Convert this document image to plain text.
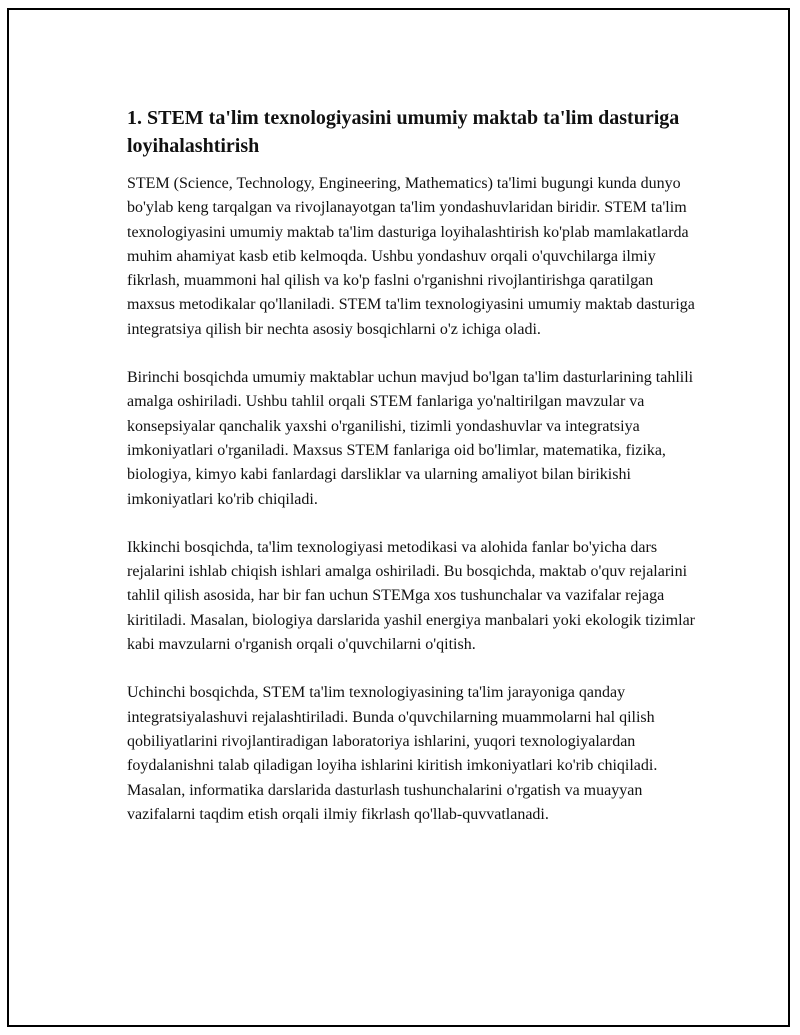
1. STEM ta'lim texnologiyasini umumiy maktab ta'lim dasturiga loyihalashtirish

STEM (Science, Technology, Engineering, Mathematics) ta'limi bugungi kunda dunyo bo'ylab keng tarqalgan va rivojlanayotgan ta'lim yondashuvlaridan biridir. STEM ta'lim texnologiyasini umumiy maktab ta'lim dasturiga loyihalashtirish ko'plab mamlakatlarda muhim ahamiyat kasb etib kelmoqda. Ushbu yondashuv orqali o'quvchilarga ilmiy fikrlash, muammoni hal qilish va ko'p faslni o'rganishni rivojlantirishga qaratilgan maxsus metodikalar qo'llaniladi. STEM ta'lim texnologiyasini umumiy maktab dasturiga integratsiya qilish bir nechta asosiy bosqichlarni o'z ichiga oladi.

Birinchi bosqichda umumiy maktablar uchun mavjud bo'lgan ta'lim dasturlarining tahlili amalga oshiriladi. Ushbu tahlil orqali STEM fanlariga yo'naltirilgan mavzular va konsepsiyalar qanchalik yaxshi o'rganilishi, tizimli yondashuvlar va integratsiya imkoniyatlari o'rganiladi. Maxsus STEM fanlariga oid bo'limlar, matematika, fizika, biologiya, kimyo kabi fanlardagi darsliklar va ularning amaliyot bilan birikishi imkoniyatlari ko'rib chiqiladi.

Ikkinchi bosqichda, ta'lim texnologiyasi metodikasi va alohida fanlar bo'yicha dars rejalarini ishlab chiqish ishlari amalga oshiriladi. Bu bosqichda, maktab o'quv rejalarini tahlil qilish asosida, har bir fan uchun STEMga xos tushunchalar va vazifalar rejaga kiritiladi. Masalan, biologiya darslarida yashil energiya manbalari yoki ekologik tizimlar kabi mavzularni o'rganish orqali o'quvchilarni o'qitish.

Uchinchi bosqichda, STEM ta'lim texnologiyasining ta'lim jarayoniga qanday integratsiyalashuvi rejalashtiriladi. Bunda o'quvchilarning muammolarni hal qilish qobiliyatlarini rivojlantiradigan laboratoriya ishlarini, yuqori texnologiyalardan foydalanishni talab qiladigan loyiha ishlarini kiritish imkoniyatlari ko'rib chiqiladi. Masalan, informatika darslarida dasturlash tushunchalarini o'rgatish va muayyan vazifalarni taqdim etish orqali ilmiy fikrlash qo'llab-quvvatlanadi.
